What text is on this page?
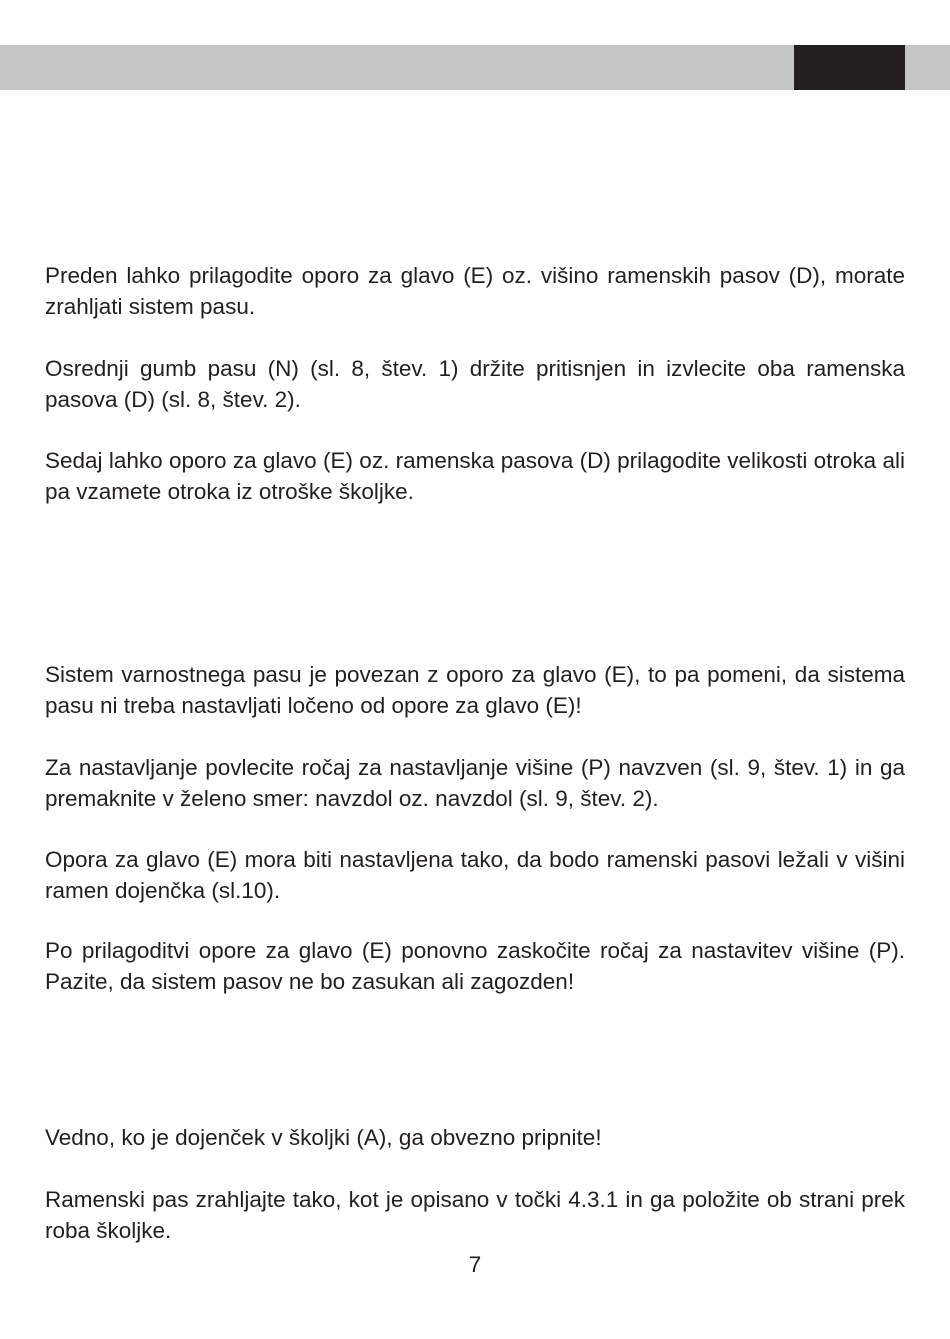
Preden lahko prilagodite oporo za glavo (E) oz. višino ramenskih pasov (D), morate zrahljati sistem pasu.

Osrednji gumb pasu (N) (sl. 8, štev. 1) držite pritisnjen in izvlecite oba ramenska pasova (D) (sl. 8, štev. 2).

Sedaj lahko oporo za glavo (E) oz. ramenska pasova (D) prilagodite velikosti otroka ali pa vzamete otroka iz otroške školjke.

Sistem varnostnega pasu je povezan z oporo za glavo (E), to pa pomeni, da sistema pasu ni treba nastavljati ločeno od opore za glavo (E)!

Za nastavljanje povlecite ročaj za nastavljanje višine (P) navzven (sl. 9, štev. 1) in ga premaknite v želeno smer: navzdol oz. navzdol (sl. 9, štev. 2).

Opora za glavo (E) mora biti nastavljena tako, da bodo ramenski pasovi ležali v višini ramen dojenčka (sl.10).

Po prilagoditvi opore za glavo (E) ponovno zaskočite ročaj za nastavitev višine (P). Pazite, da sistem pasov ne bo zasukan ali zagozden!

Vedno, ko je dojenček v školjki (A), ga obvezno pripnite!

Ramenski pas zrahljajte tako, kot je opisano v točki 4.3.1 in ga položite ob strani prek roba školjke.

7
